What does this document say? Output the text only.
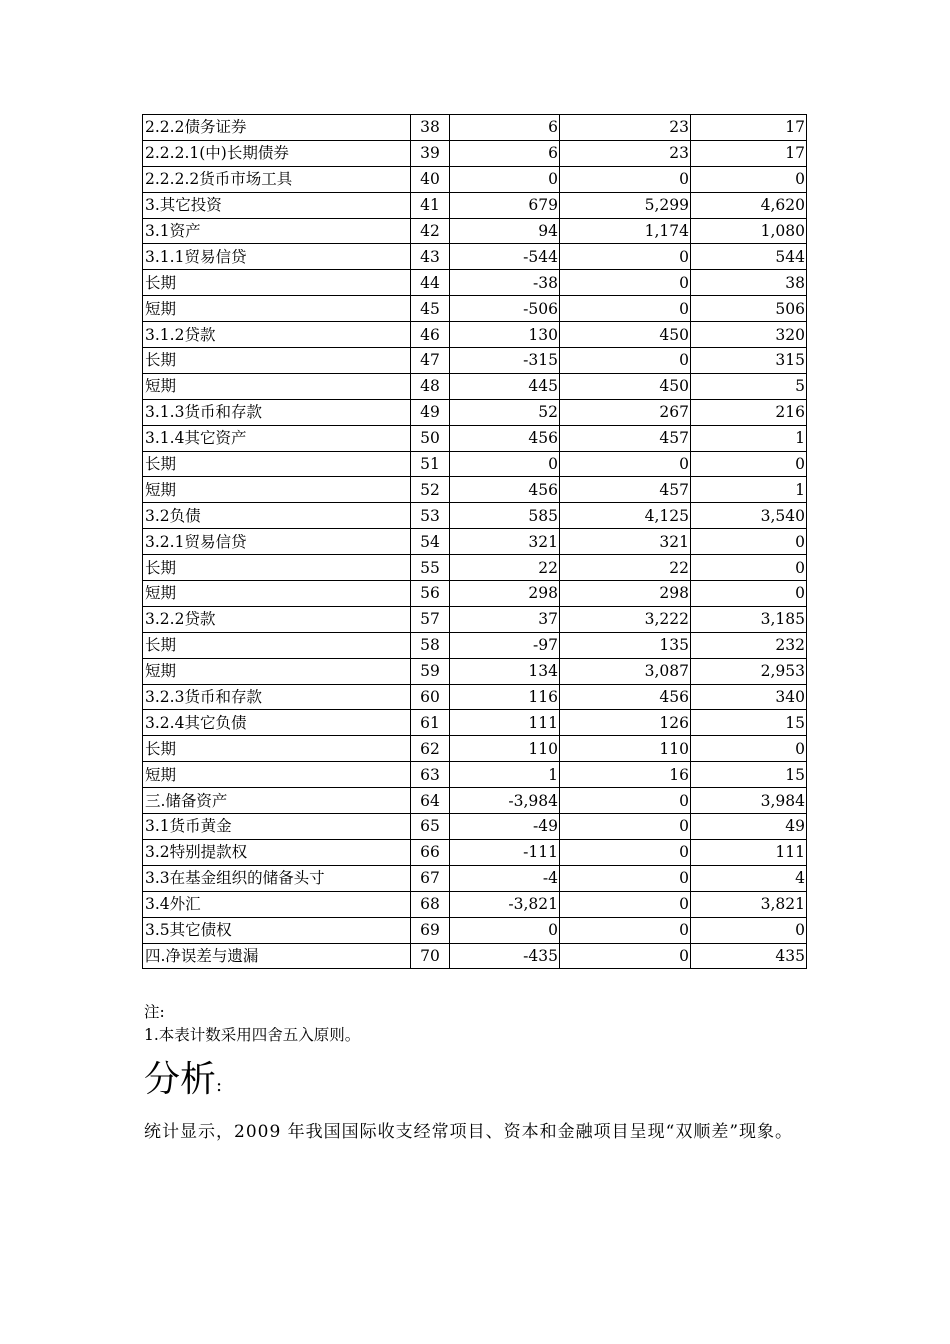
2.2.2债务证券	38	6	23	17
2.2.2.1(中)长期债券	39	6	23	17
2.2.2.2货币市场工具	40	0	0	0
3.其它投资	41	679	5,299	4,620
3.1资产	42	94	1,174	1,080
3.1.1贸易信贷	43	-544	0	544
长期	44	-38	0	38
短期	45	-506	0	506
3.1.2贷款	46	130	450	320
长期	47	-315	0	315
短期	48	445	450	5
3.1.3货币和存款	49	52	267	216
3.1.4其它资产	50	456	457	1
长期	51	0	0	0
短期	52	456	457	1
3.2负债	53	585	4,125	3,540
3.2.1贸易信贷	54	321	321	0
长期	55	22	22	0
短期	56	298	298	0
3.2.2贷款	57	37	3,222	3,185
长期	58	-97	135	232
短期	59	134	3,087	2,953
3.2.3货币和存款	60	116	456	340
3.2.4其它负债	61	111	126	15
长期	62	110	110	0
短期	63	1	16	15
三.储备资产	64	-3,984	0	3,984
3.1货币黄金	65	-49	0	49
3.2特别提款权	66	-111	0	111
3.3在基金组织的储备头寸	67	-4	0	4
3.4外汇	68	-3,821	0	3,821
3.5其它债权	69	0	0	0
四.净误差与遗漏	70	-435	0	435
注:
1.本表计数采用四舍五入原则。
分析:
统计显示，2009 年我国国际收支经常项目、资本和金融项目呈现“双顺差”现象。
